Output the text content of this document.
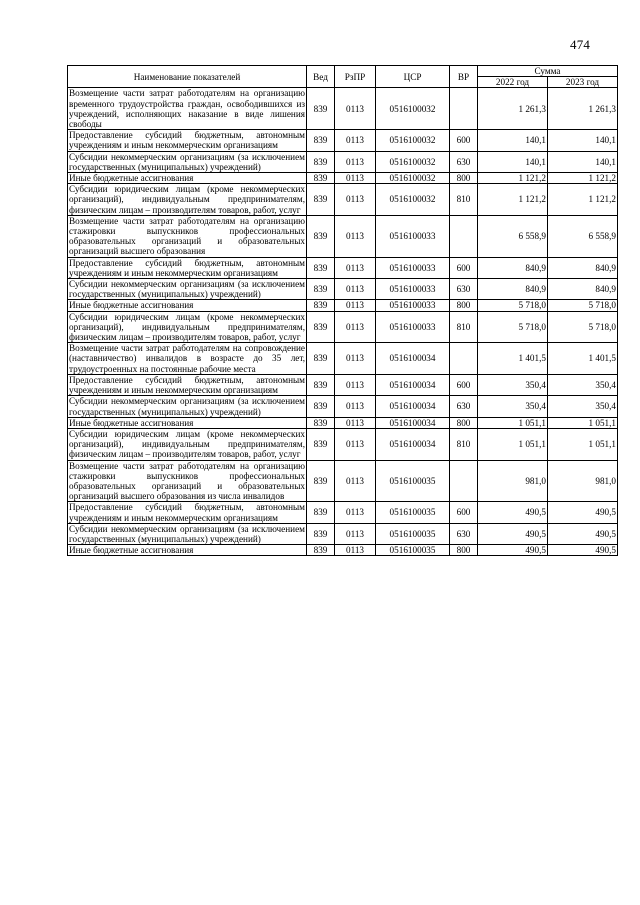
474
Наименование показателей	Вед	РзПР	ЦСР	ВР	Сумма	
					2022 год	2023 год
Возмещение части затрат работодателям на организацию временного трудоустройства граждан, освободившихся из учреждений, исполняющих наказание в виде лишения свободы	839	0113	0516100032		1 261,3	1 261,3
Предоставление субсидий бюджетным, автономным учреждениям и иным некоммерческим организациям	839	0113	0516100032	600	140,1	140,1
Субсидии некоммерческим организациям (за исключением государственных (муниципальных) учреждений)	839	0113	0516100032	630	140,1	140,1
Иные бюджетные ассигнования	839	0113	0516100032	800	1 121,2	1 121,2
Субсидии юридическим лицам (кроме некоммерческих организаций), индивидуальным предпринимателям, физическим лицам – производителям товаров, работ, услуг	839	0113	0516100032	810	1 121,2	1 121,2
Возмещение части затрат работодателям на организацию стажировки выпускников профессиональных образовательных организаций и образовательных организаций высшего образования	839	0113	0516100033		6 558,9	6 558,9
Предоставление субсидий бюджетным, автономным учреждениям и иным некоммерческим организациям	839	0113	0516100033	600	840,9	840,9
Субсидии некоммерческим организациям (за исключением государственных (муниципальных) учреждений)	839	0113	0516100033	630	840,9	840,9
Иные бюджетные ассигнования	839	0113	0516100033	800	5 718,0	5 718,0
Субсидии юридическим лицам (кроме некоммерческих организаций), индивидуальным предпринимателям, физическим лицам – производителям товаров, работ, услуг	839	0113	0516100033	810	5 718,0	5 718,0
Возмещение части затрат работодателям на сопровождение (наставничество) инвалидов в возрасте до 35 лет, трудоустроенных на постоянные рабочие места	839	0113	0516100034		1 401,5	1 401,5
Предоставление субсидий бюджетным, автономным учреждениям и иным некоммерческим организациям	839	0113	0516100034	600	350,4	350,4
Субсидии некоммерческим организациям (за исключением государственных (муниципальных) учреждений)	839	0113	0516100034	630	350,4	350,4
Иные бюджетные ассигнования	839	0113	0516100034	800	1 051,1	1 051,1
Субсидии юридическим лицам (кроме некоммерческих организаций), индивидуальным предпринимателям, физическим лицам – производителям товаров, работ, услуг	839	0113	0516100034	810	1 051,1	1 051,1
Возмещение части затрат работодателям на организацию стажировки выпускников профессиональных образовательных организаций и образовательных организаций высшего образования из числа инвалидов	839	0113	0516100035		981,0	981,0
Предоставление субсидий бюджетным, автономным учреждениям и иным некоммерческим организациям	839	0113	0516100035	600	490,5	490,5
Субсидии некоммерческим организациям (за исключением государственных (муниципальных) учреждений)	839	0113	0516100035	630	490,5	490,5
Иные бюджетные ассигнования	839	0113	0516100035	800	490,5	490,5
